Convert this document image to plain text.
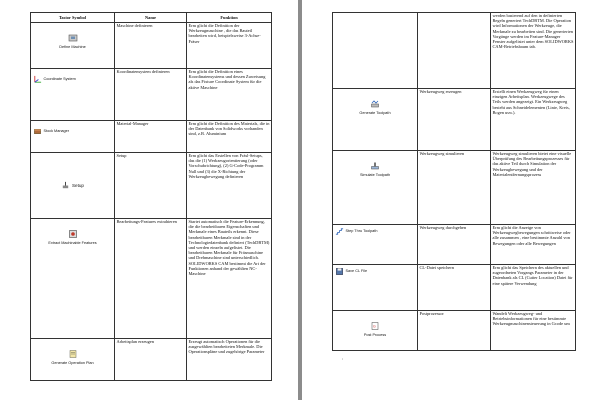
Tastor Symbol	Name	Funktion

Define Machine	Maschine definieren	Erm glicht die Definition der Werkzeugmaschine , die das Bauteil bearbeiten wird, beispielsweise 3-Achse-Fräser

Coordinate System	Koordinatensystem definieren	Erm glicht die Definition eines Koordinatensystems und dessen Zuweisung als das Fixture Coordinate System für die aktive Maschine

Stock Manager	Material-Manager	Erm glicht die Definition des Materials, die in der Datenbank von Solidworks vorhanden sind, z.B. Aluminium

Setup	Setup	Erm glicht das Erstellen von Fräsl-Setups, das die (1) Werkzeugorientierung (oder Vorschubrichtung), (2) G-Code-Programm Null und (3) die X-Richtung der Werkzeugbewegung definieren

Extract Machinable Features	Bearbeitungs-Features extrahieren	Startet automatisch die Feature-Erkennung, die die bearbeitbaren Eigenschaften und Merkmale eines Bauteils erkennt. Diese bearbeitbaren Merkmale sind in der Technologiedatenbank definiert (TechDBTM) und werden einzeln aufgelistet. Die bearbeitbaren Merkmale für Fräsmaschine und Drehmaschine sind unterschiedlich. SOLIDWORKS CAM bestimmt die Art der Funktionen anhand der gewählten NC-Maschine

Generate Operation Plan	Arbeitsplan erzeugen	Erzeugt automatisch Operationen für die ausgewählten bearbeiteten Merkmale. Die Operationspläne und zugehörige Parameter
		werden basierend auf den in definierten Regeln generiert TechDBTM. Die Operation wird Informationen der Werkzeuge, die Merkmale zu bearbeiten sind. Die generierten Vorgänge werden im Feature-Manager Fenster aufgelistet unter dem SOLIDWORKS CAM-Betriebsbaum tab.

Generate Toolpath	Werkzeugweg erzeugen	Erstellt einen Werkzeugweg für einen einzigen Arbeitsplan. Werkzeugwege des Teils werden angezeigt. Ein Werkzeugweg besteht aus Schneidelementen (Linie, Kreis, Bogen usw.).

Simulate Toolpath	Werkzeugweg simulieren	Werkzeugweg simulieren bietet eine visuelle Überprüfung des Bearbeitungsprozesses für das aktive Teil durch Simulation der Werkzeugbewegung und der Materialentfernungsprozess

Step Thru Toolpath	Werkzeugweg durchgehen	Erm glicht die Anzeige von Werkzeugwegbewegungen schrittweise oder alle zusammen , eine bestimmte Anzahl von Bewegungen oder alle Bewegungen

Save CL File	CL-Datei speichern	Erm glicht das Speichern des aktuellen und zugeordneten Vorgangs Parameter in der Datenbank als CL (Cutter Location) Datei für eine spätere Verwendung

G
Post Process	Postprozessor	Wandelt Werkzeugweg- und Betriebsinformationen für eine bestimmte Werkzeugmaschinensteuerung in Gcode um
,
